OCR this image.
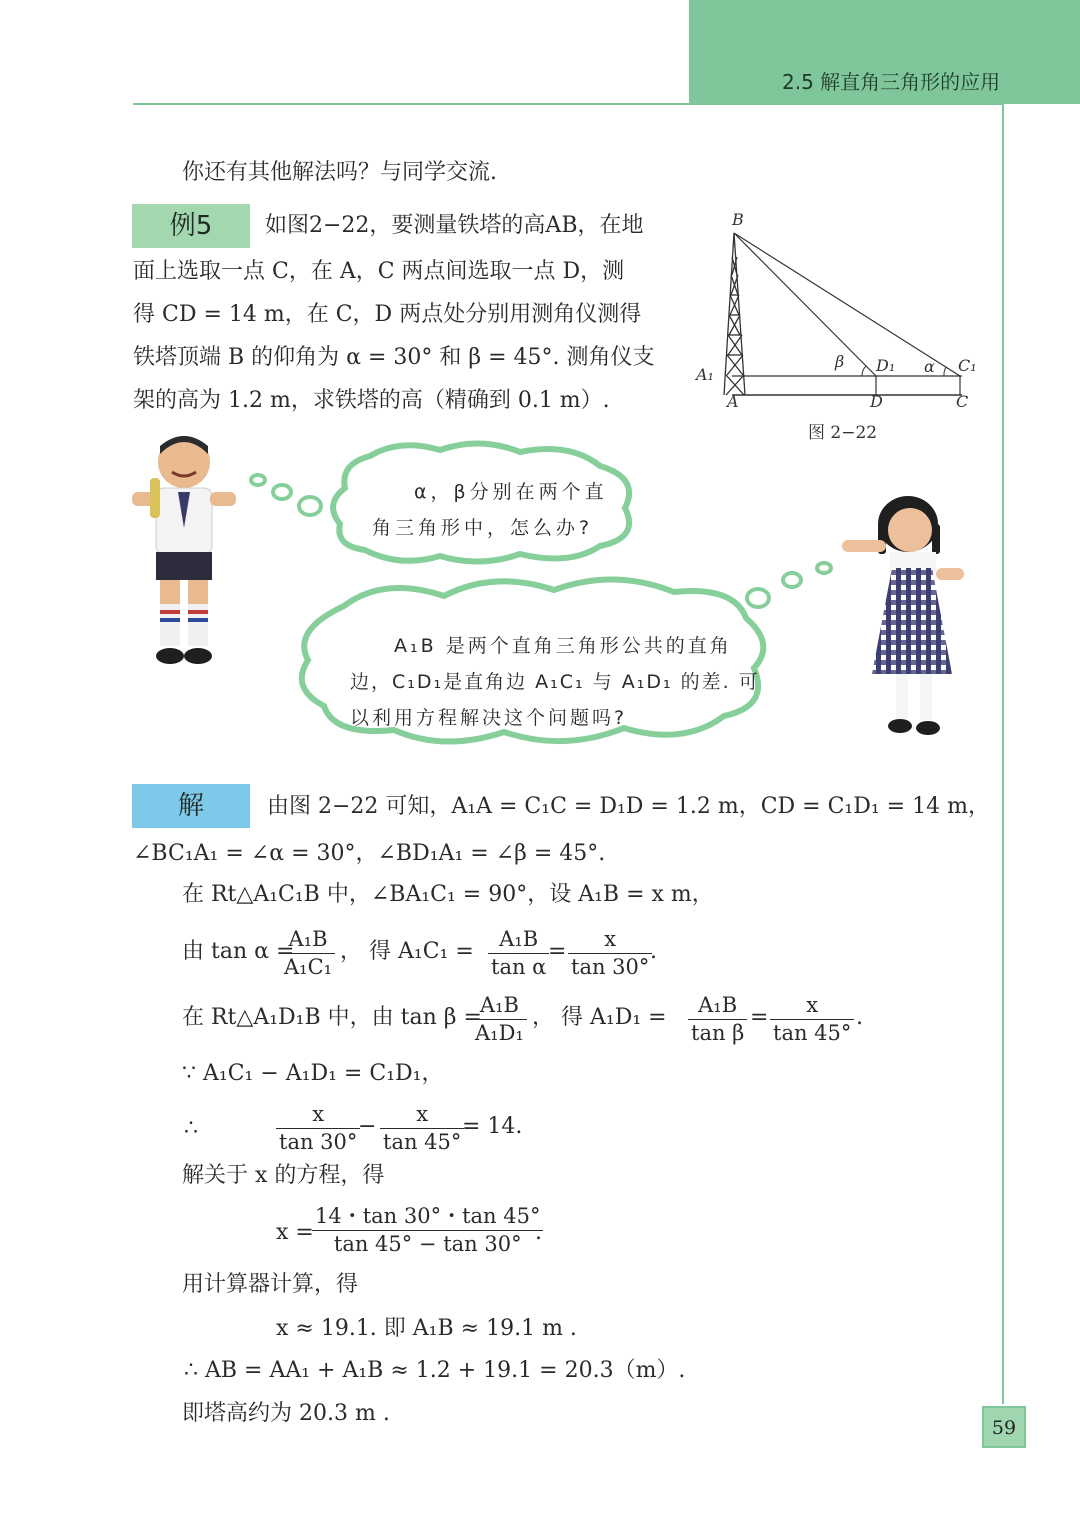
2.5 解直角三角形的应用
你还有其他解法吗？与同学交流.
例5	如图2−22，要测量铁塔的高AB，在地
面上选取一点 C，在 A，C 两点间选取一点 D，测
得 CD = 14 m，在 C，D 两点处分别用测角仪测得
铁塔顶端 B 的仰角为 α = 30° 和 β = 45°. 测角仪支
架的高为 1.2 m，求铁塔的高（精确到 0.1 m）.
B
A₁
A
D₁
D
C₁
C
β	α
图 2−22
α，β分别在两个直
角三角形中，怎么办?
A₁B 是两个直角三角形公共的直角
边，C₁D₁是直角边 A₁C₁ 与 A₁D₁ 的差. 可
以利用方程解决这个问题吗?
解	由图 2−22 可知，A₁A = C₁C = D₁D = 1.2 m，CD = C₁D₁ = 14 m，
∠BC₁A₁ = ∠α = 30°，∠BD₁A₁ = ∠β = 45°.
在 Rt△A₁C₁B 中，∠BA₁C₁ = 90°，设 A₁B = x m，
由 tan α =
$\frac{\text{A₁B}}{\text{A₁C₁}}$ ， 得 $A_1C_1 = \frac{\text{A₁B}}{\text{tan α}}$
= $\frac{x}{\tan 30^\circ}$
.
在 Rt△A₁D₁B 中，由 tan β =
$\frac{\text{A₁B}}{\text{A₁D₁}}$ ， 得 $A_1D_1 = \frac{\text{A₁B}}{\text{tan β}} = \frac{x}{\tan 45^\circ}$ .
∵ A₁C₁ − A₁D₁ = C₁D₁，
∴	$\frac{x}{\tan 30^\circ}$
− $\frac{x}{\tan 45^\circ}$
= 14.
解关于 x 的方程，得
x =
$\frac{14・\tan 30^\circ・\tan 45^\circ}{\tan 45^\circ - \tan 30^\circ}$
.
用计算器计算，得
x ≈ 19.1. 即 A₁B ≈ 19.1 m .
∴ AB = AA₁ + A₁B ≈ 1.2 + 19.1 = 20.3（m）.
即塔高约为 20.3 m .
59
